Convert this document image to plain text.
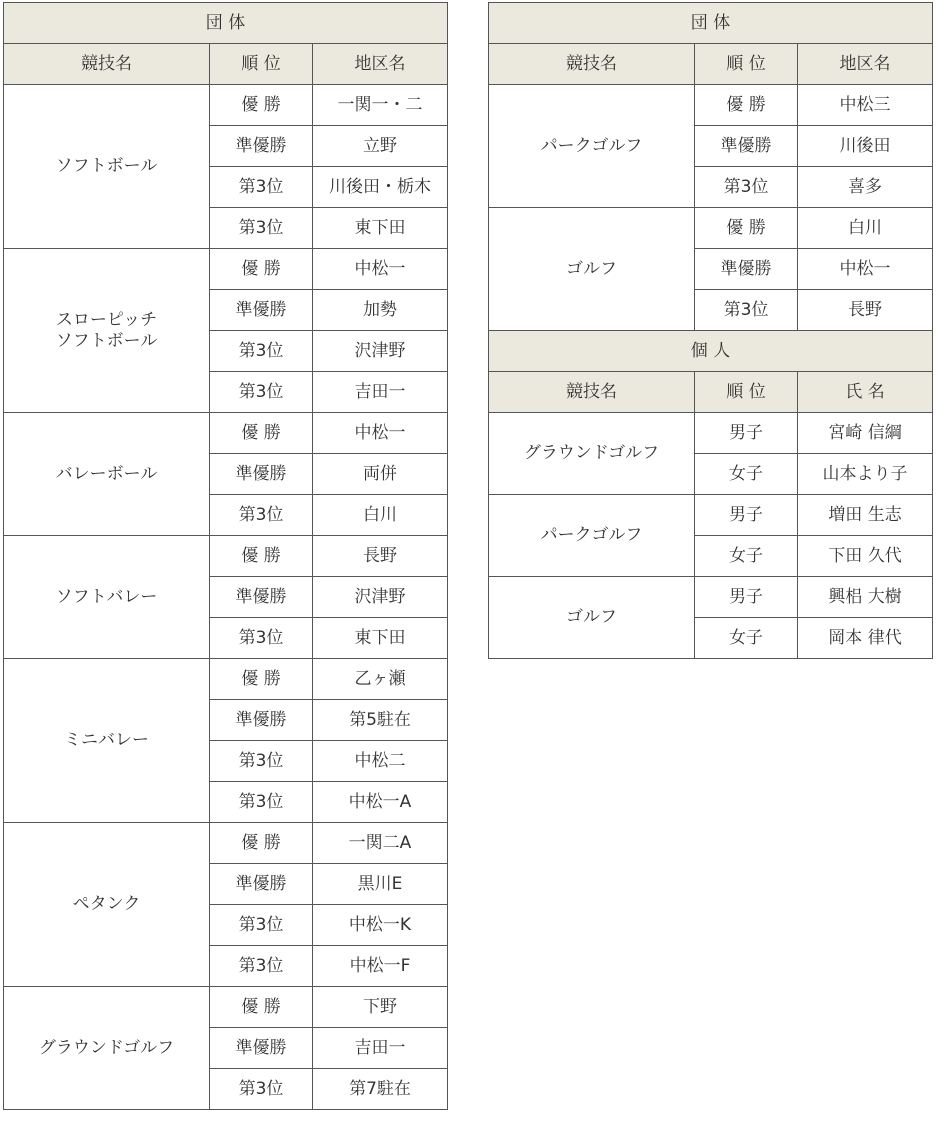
団 体		
競技名	順 位	地区名

ソフトボール	優 勝	一関一・二
	準優勝	立野
	第3位	川後田・栃木
	第3位	東下田

スローピッチ
ソフトボール	優 勝	中松一
	準優勝	加勢
	第3位	沢津野
	第3位	吉田一

バレーボール	優 勝	中松一
	準優勝	両併
	第3位	白川

ソフトバレー	優 勝	長野
	準優勝	沢津野
	第3位	東下田

ミニバレー	優 勝	乙ヶ瀬
	準優勝	第5駐在
	第3位	中松二
	第3位	中松一A

ペタンク	優 勝	一関二A
	準優勝	黒川E
	第3位	中松一K
	第3位	中松一F

グラウンドゴルフ	優 勝	下野
	準優勝	吉田一
	第3位	第7駐在
団 体		
競技名	順 位	地区名

パークゴルフ	優 勝	中松三
	準優勝	川後田
	第3位	喜多

ゴルフ	優 勝	白川
	準優勝	中松一
	第3位	長野
個 人		
競技名	順 位	氏 名

グラウンドゴルフ	男子	宮崎 信綱
	女子	山本より子

パークゴルフ	男子	増田 生志
	女子	下田 久代

ゴルフ	男子	興梠 大樹
	女子	岡本 律代
